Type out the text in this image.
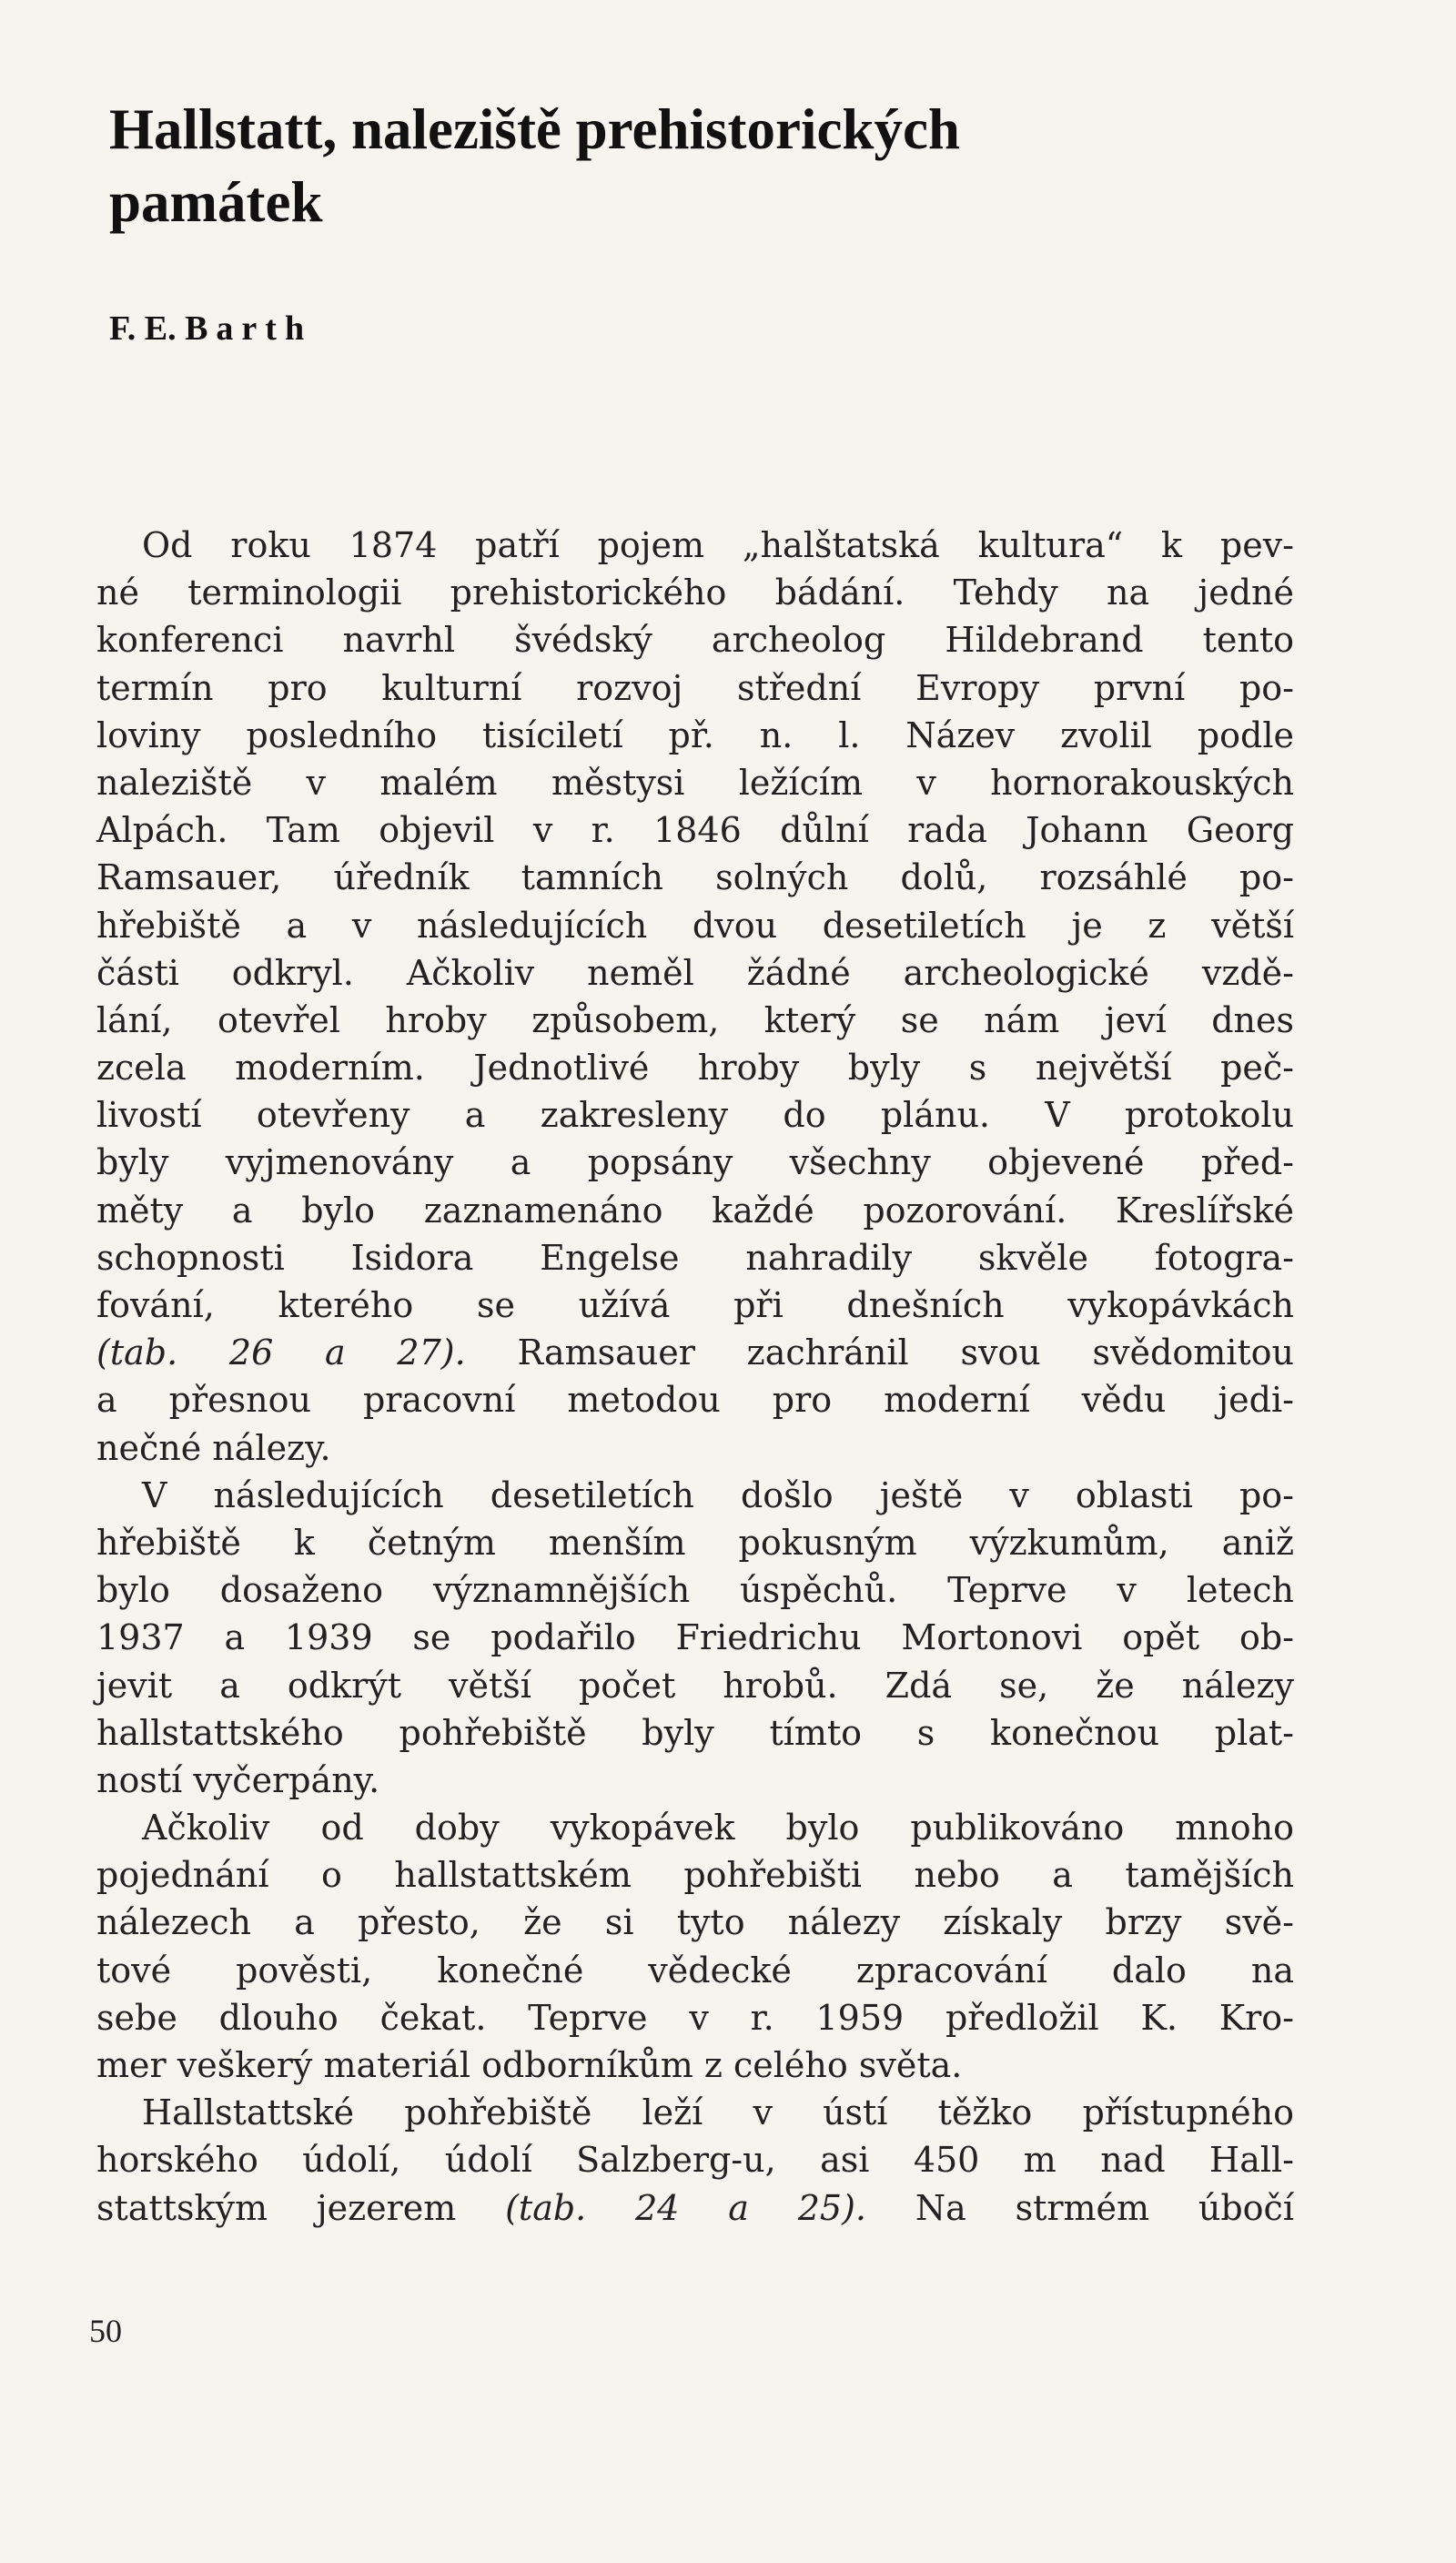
Hallstatt, naleziště prehistorických
památek
F. E. Barth
Od roku 1874 patří pojem „halštatská kultura“ k pev-
né terminologii prehistorického bádání. Tehdy na jedné
konferenci navrhl švédský archeolog Hildebrand tento
termín pro kulturní rozvoj střední Evropy první po-
loviny posledního tisíciletí př. n. l. Název zvolil podle
naleziště v malém městysi ležícím v hornorakouských
Alpách. Tam objevil v r. 1846 důlní rada Johann Georg
Ramsauer, úředník tamních solných dolů, rozsáhlé po-
hřebiště a v následujících dvou desetiletích je z větší
části odkryl. Ačkoliv neměl žádné archeologické vzdě-
lání, otevřel hroby způsobem, který se nám jeví dnes
zcela moderním. Jednotlivé hroby byly s největší peč-
livostí otevřeny a zakresleny do plánu. V protokolu
byly vyjmenovány a popsány všechny objevené před-
měty a bylo zaznamenáno každé pozorování. Kreslířské
schopnosti Isidora Engelse nahradily skvěle fotogra-
fování, kterého se užívá při dnešních vykopávkách
(tab. 26 a 27). Ramsauer zachránil svou svědomitou
a přesnou pracovní metodou pro moderní vědu jedi-
nečné nálezy.
V následujících desetiletích došlo ještě v oblasti po-
hřebiště k četným menším pokusným výzkumům, aniž
bylo dosaženo významnějších úspěchů. Teprve v letech
1937 a 1939 se podařilo Friedrichu Mortonovi opět ob-
jevit a odkrýt větší počet hrobů. Zdá se, že nálezy
hallstattského pohřebiště byly tímto s konečnou plat-
ností vyčerpány.
Ačkoliv od doby vykopávek bylo publikováno mnoho
pojednání o hallstattském pohřebišti nebo a tamějších
nálezech a přesto, že si tyto nálezy získaly brzy svě-
tové pověsti, konečné vědecké zpracování dalo na
sebe dlouho čekat. Teprve v r. 1959 předložil K. Kro-
mer veškerý materiál odborníkům z celého světa.
Hallstattské pohřebiště leží v ústí těžko přístupného
horského údolí, údolí Salzberg-u, asi 450 m nad Hall-
stattským jezerem (tab. 24 a 25). Na strmém úbočí
50
